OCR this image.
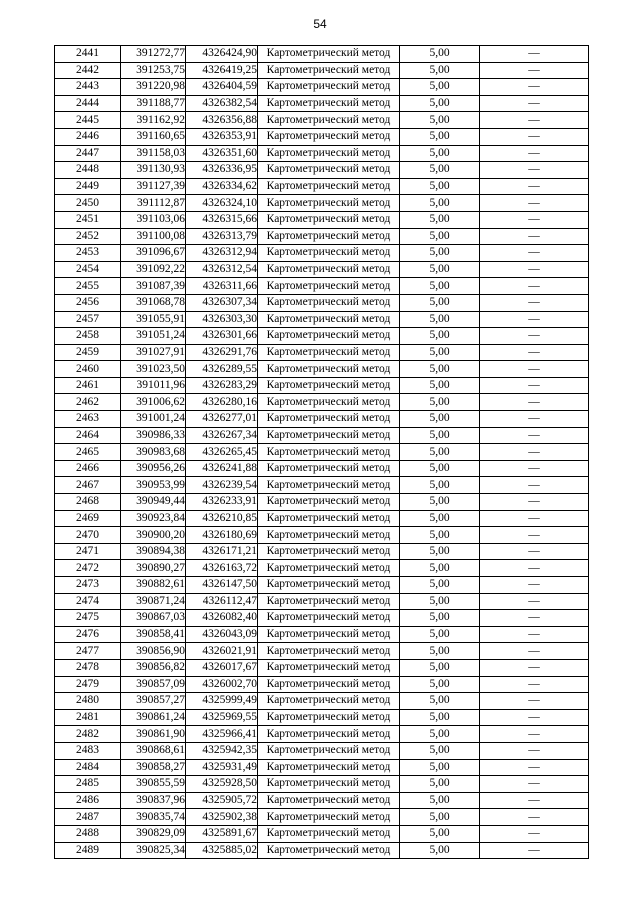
54
2441	391272,77	4326424,90	Картометрический метод	5,00	—
2442	391253,75	4326419,25	Картометрический метод	5,00	—
2443	391220,98	4326404,59	Картометрический метод	5,00	—
2444	391188,77	4326382,54	Картометрический метод	5,00	—
2445	391162,92	4326356,88	Картометрический метод	5,00	—
2446	391160,65	4326353,91	Картометрический метод	5,00	—
2447	391158,03	4326351,60	Картометрический метод	5,00	—
2448	391130,93	4326336,95	Картометрический метод	5,00	—
2449	391127,39	4326334,62	Картометрический метод	5,00	—
2450	391112,87	4326324,10	Картометрический метод	5,00	—
2451	391103,06	4326315,66	Картометрический метод	5,00	—
2452	391100,08	4326313,79	Картометрический метод	5,00	—
2453	391096,67	4326312,94	Картометрический метод	5,00	—
2454	391092,22	4326312,54	Картометрический метод	5,00	—
2455	391087,39	4326311,66	Картометрический метод	5,00	—
2456	391068,78	4326307,34	Картометрический метод	5,00	—
2457	391055,91	4326303,30	Картометрический метод	5,00	—
2458	391051,24	4326301,66	Картометрический метод	5,00	—
2459	391027,91	4326291,76	Картометрический метод	5,00	—
2460	391023,50	4326289,55	Картометрический метод	5,00	—
2461	391011,96	4326283,29	Картометрический метод	5,00	—
2462	391006,62	4326280,16	Картометрический метод	5,00	—
2463	391001,24	4326277,01	Картометрический метод	5,00	—
2464	390986,33	4326267,34	Картометрический метод	5,00	—
2465	390983,68	4326265,45	Картометрический метод	5,00	—
2466	390956,26	4326241,88	Картометрический метод	5,00	—
2467	390953,99	4326239,54	Картометрический метод	5,00	—
2468	390949,44	4326233,91	Картометрический метод	5,00	—
2469	390923,84	4326210,85	Картометрический метод	5,00	—
2470	390900,20	4326180,69	Картометрический метод	5,00	—
2471	390894,38	4326171,21	Картометрический метод	5,00	—
2472	390890,27	4326163,72	Картометрический метод	5,00	—
2473	390882,61	4326147,50	Картометрический метод	5,00	—
2474	390871,24	4326112,47	Картометрический метод	5,00	—
2475	390867,03	4326082,40	Картометрический метод	5,00	—
2476	390858,41	4326043,09	Картометрический метод	5,00	—
2477	390856,90	4326021,91	Картометрический метод	5,00	—
2478	390856,82	4326017,67	Картометрический метод	5,00	—
2479	390857,09	4326002,70	Картометрический метод	5,00	—
2480	390857,27	4325999,49	Картометрический метод	5,00	—
2481	390861,24	4325969,55	Картометрический метод	5,00	—
2482	390861,90	4325966,41	Картометрический метод	5,00	—
2483	390868,61	4325942,35	Картометрический метод	5,00	—
2484	390858,27	4325931,49	Картометрический метод	5,00	—
2485	390855,59	4325928,50	Картометрический метод	5,00	—
2486	390837,96	4325905,72	Картометрический метод	5,00	—
2487	390835,74	4325902,38	Картометрический метод	5,00	—
2488	390829,09	4325891,67	Картометрический метод	5,00	—
2489	390825,34	4325885,02	Картометрический метод	5,00	—
